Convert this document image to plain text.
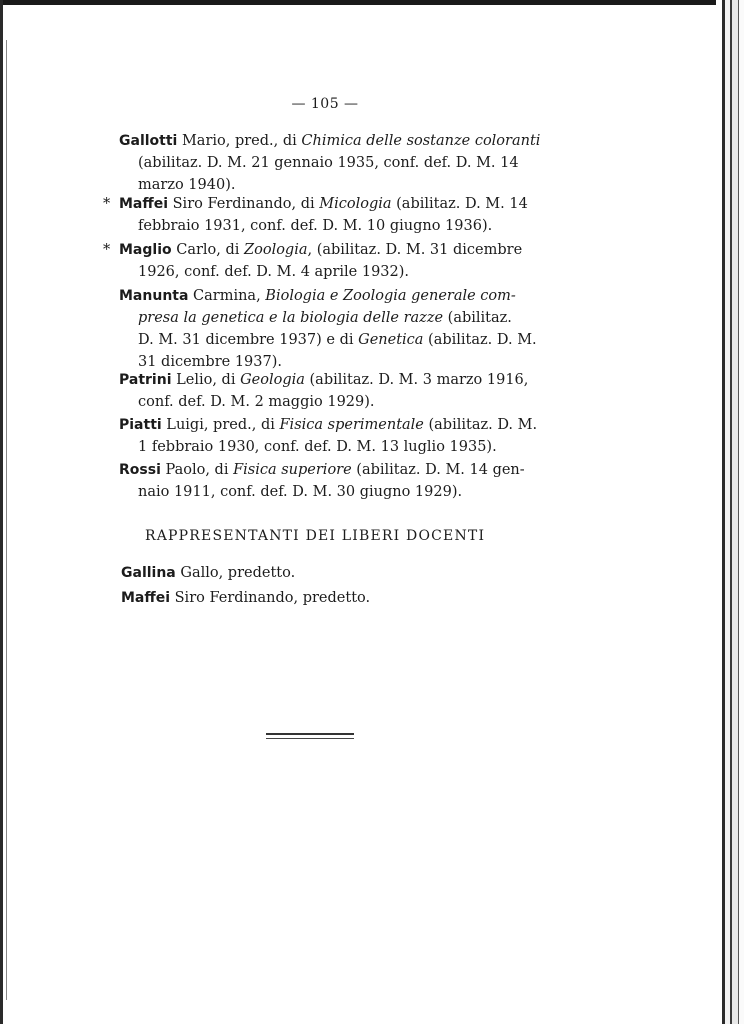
— 105 —
Gallotti Mario, pred., di Chimica delle sostanze coloranti
(abilitaz. D. M. 21 gennaio 1935, conf. def. D. M. 14
marzo 1940).
* Maffei Siro Ferdinando, di Micologia (abilitaz. D. M. 14
febbraio 1931, conf. def. D. M. 10 giugno 1936).
* Maglio Carlo, di Zoologia, (abilitaz. D. M. 31 dicembre
1926, conf. def. D. M. 4 aprile 1932).
Manunta Carmina, Biologia e Zoologia generale com-
presa la genetica e la biologia delle razze (abilitaz.
D. M. 31 dicembre 1937) e di Genetica (abilitaz. D. M.
31 dicembre 1937).
Patrini Lelio, di Geologia (abilitaz. D. M. 3 marzo 1916,
conf. def. D. M. 2 maggio 1929).
Piatti Luigi, pred., di Fisica sperimentale (abilitaz. D. M.
1 febbraio 1930, conf. def. D. M. 13 luglio 1935).
Rossi Paolo, di Fisica superiore (abilitaz. D. M. 14 gen-
naio 1911, conf. def. D. M. 30 giugno 1929).
RAPPRESENTANTI DEI LIBERI DOCENTI
Gallina Gallo, predetto.
Maffei Siro Ferdinando, predetto.
